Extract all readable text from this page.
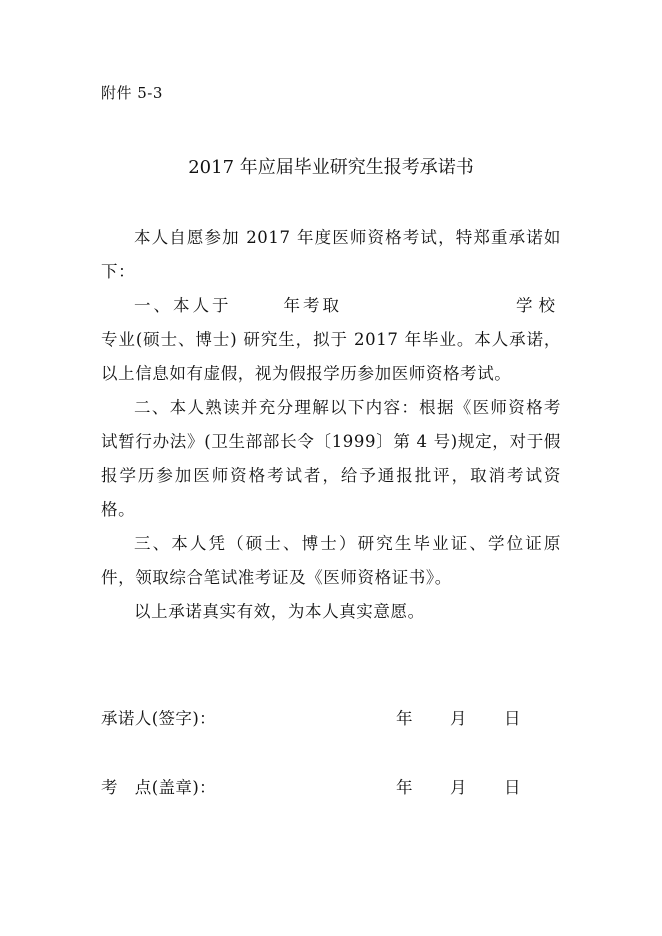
附件 5-3
2017 年应届毕业研究生报考承诺书

本人自愿参加 2017 年度医师资格考试，特郑重承诺如下：

一、本人于	年考取	学校

专业(硕士、博士) 研究生，拟于 2017 年毕业。本人承诺，以上信息如有虚假，视为假报学历参加医师资格考试。

二、本人熟读并充分理解以下内容：根据《医师资格考试暂行办法》(卫生部部长令〔1999〕第 4 号)规定，对于假报学历参加医师资格考试者，给予通报批评，取消考试资格。

三、本人凭（硕士、博士）研究生毕业证、学位证原件，领取综合笔试准考证及《医师资格证书》。

以上承诺真实有效，为本人真实意愿。

承诺人(签字)：	年	月	日
考　点(盖章)：	年	月	日
